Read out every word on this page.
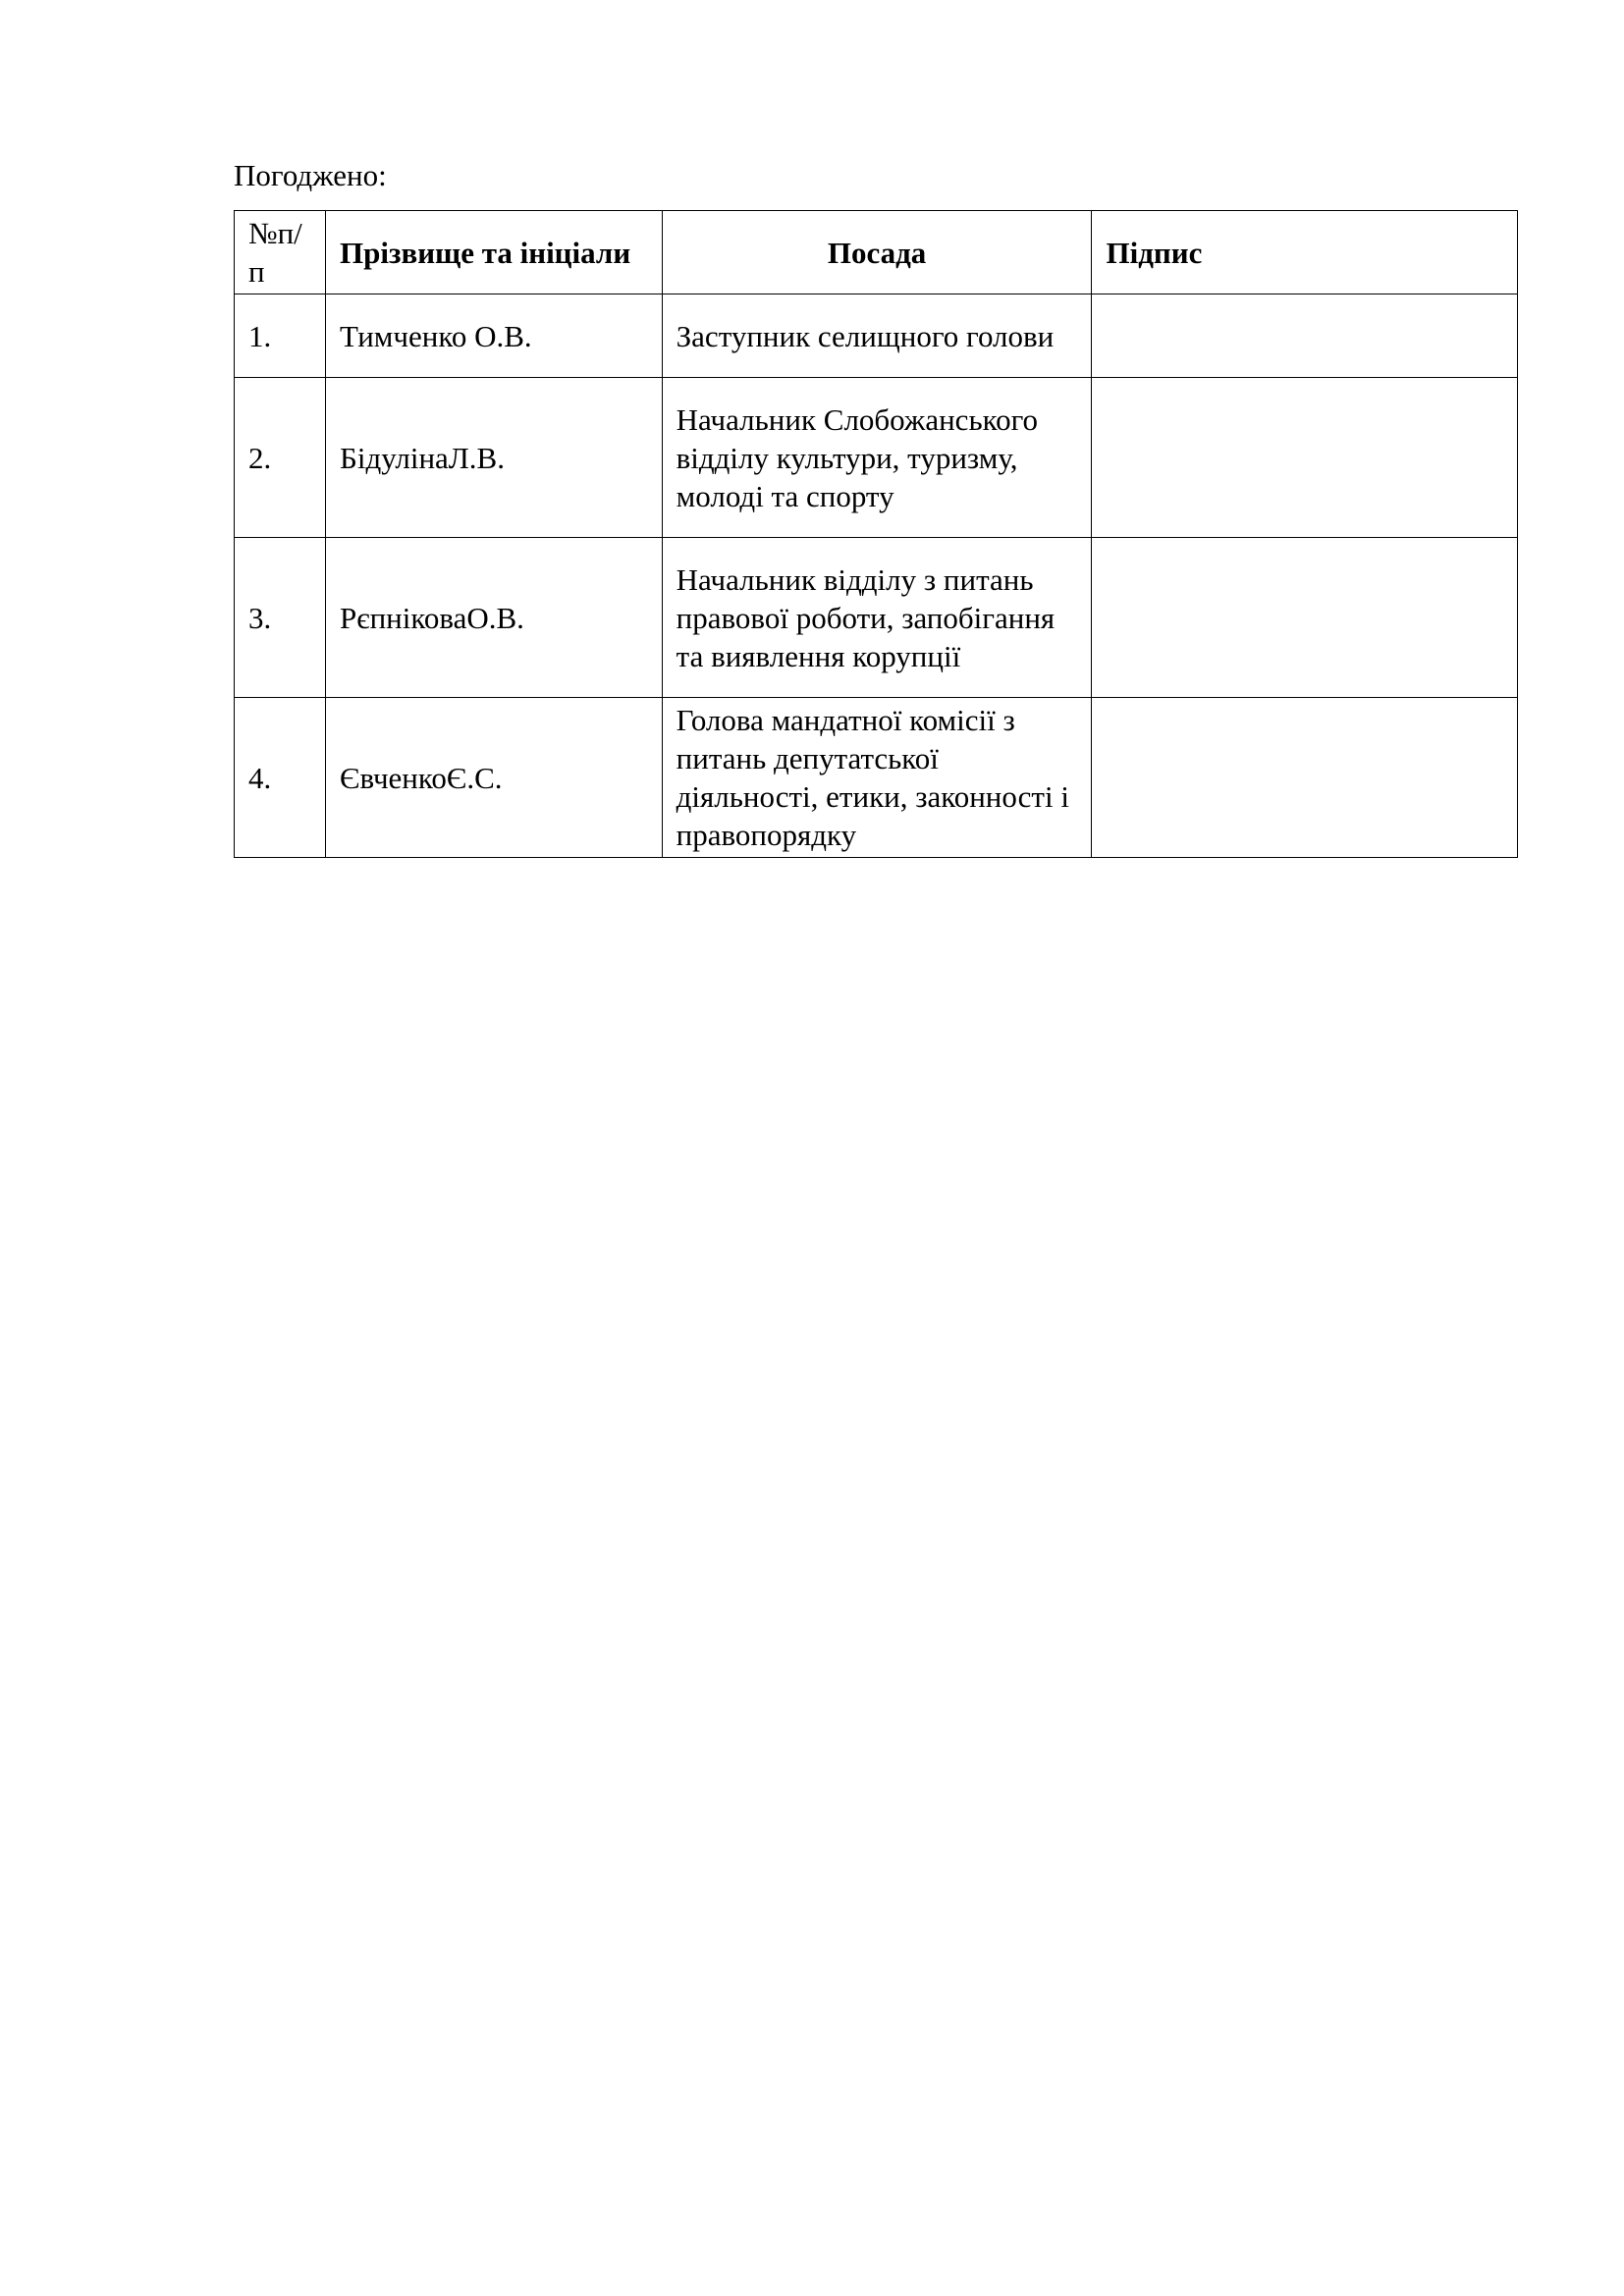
Погоджено:
№п/п	Прізвище та ініціали	Посада	Підпис
1.	Тимченко О.В.	Заступник селищного голови	
2.	БідулінаЛ.В.	Начальник Слобожанського відділу культури, туризму, молоді та спорту	
3.	РєпніковаО.В.	Начальник відділу з питань правової роботи, запобігання та виявлення корупції	
4.	ЄвченкоЄ.С.	Голова мандатної комісії з питань депутатської діяльності, етики, законності і правопорядку	
